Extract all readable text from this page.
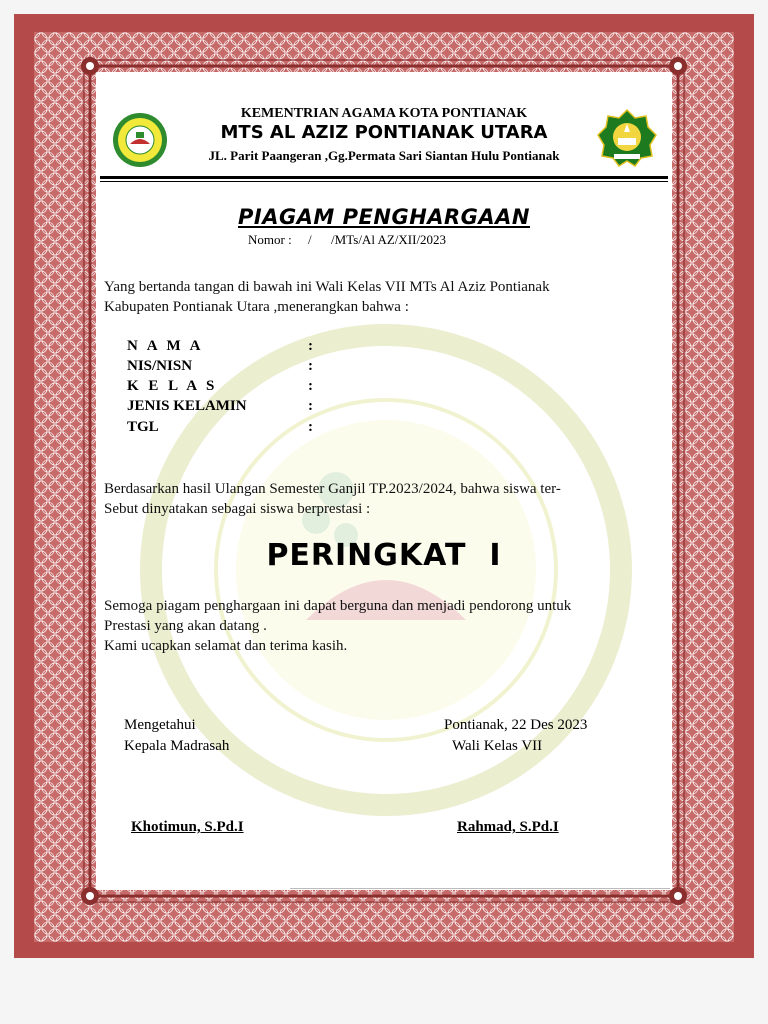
KEMENTRIAN AGAMA KOTA PONTIANAK
MTS AL AZIZ PONTIANAK UTARA
JL. Parit Paangeran ,Gg.Permata Sari Siantan Hulu Pontianak
PIAGAM PENGHARGAAN
Nomor :     /      /MTs/Al AZ/XII/2023
Yang bertanda tangan di bawah ini Wali Kelas VII MTs Al Aziz Pontianak
Kabupaten Pontianak Utara ,menerangkan bahwa :
N A M A	:
NIS/NISN	:
K E L A S	:
JENIS KELAMIN	:
TGL	:
Berdasarkan hasil Ulangan Semester Ganjil TP.2023/2024, bahwa siswa ter-
Sebut dinyatakan sebagai siswa berprestasi :
PERINGKAT  I
Semoga piagam penghargaan ini dapat berguna dan menjadi pendorong untuk
Prestasi yang akan datang .
Kami ucapkan selamat dan terima kasih.
Mengetahui
Kepala Madrasah
Khotimun, S.Pd.I
Pontianak, 22 Des 2023
Wali Kelas VII
Rahmad, S.Pd.I
